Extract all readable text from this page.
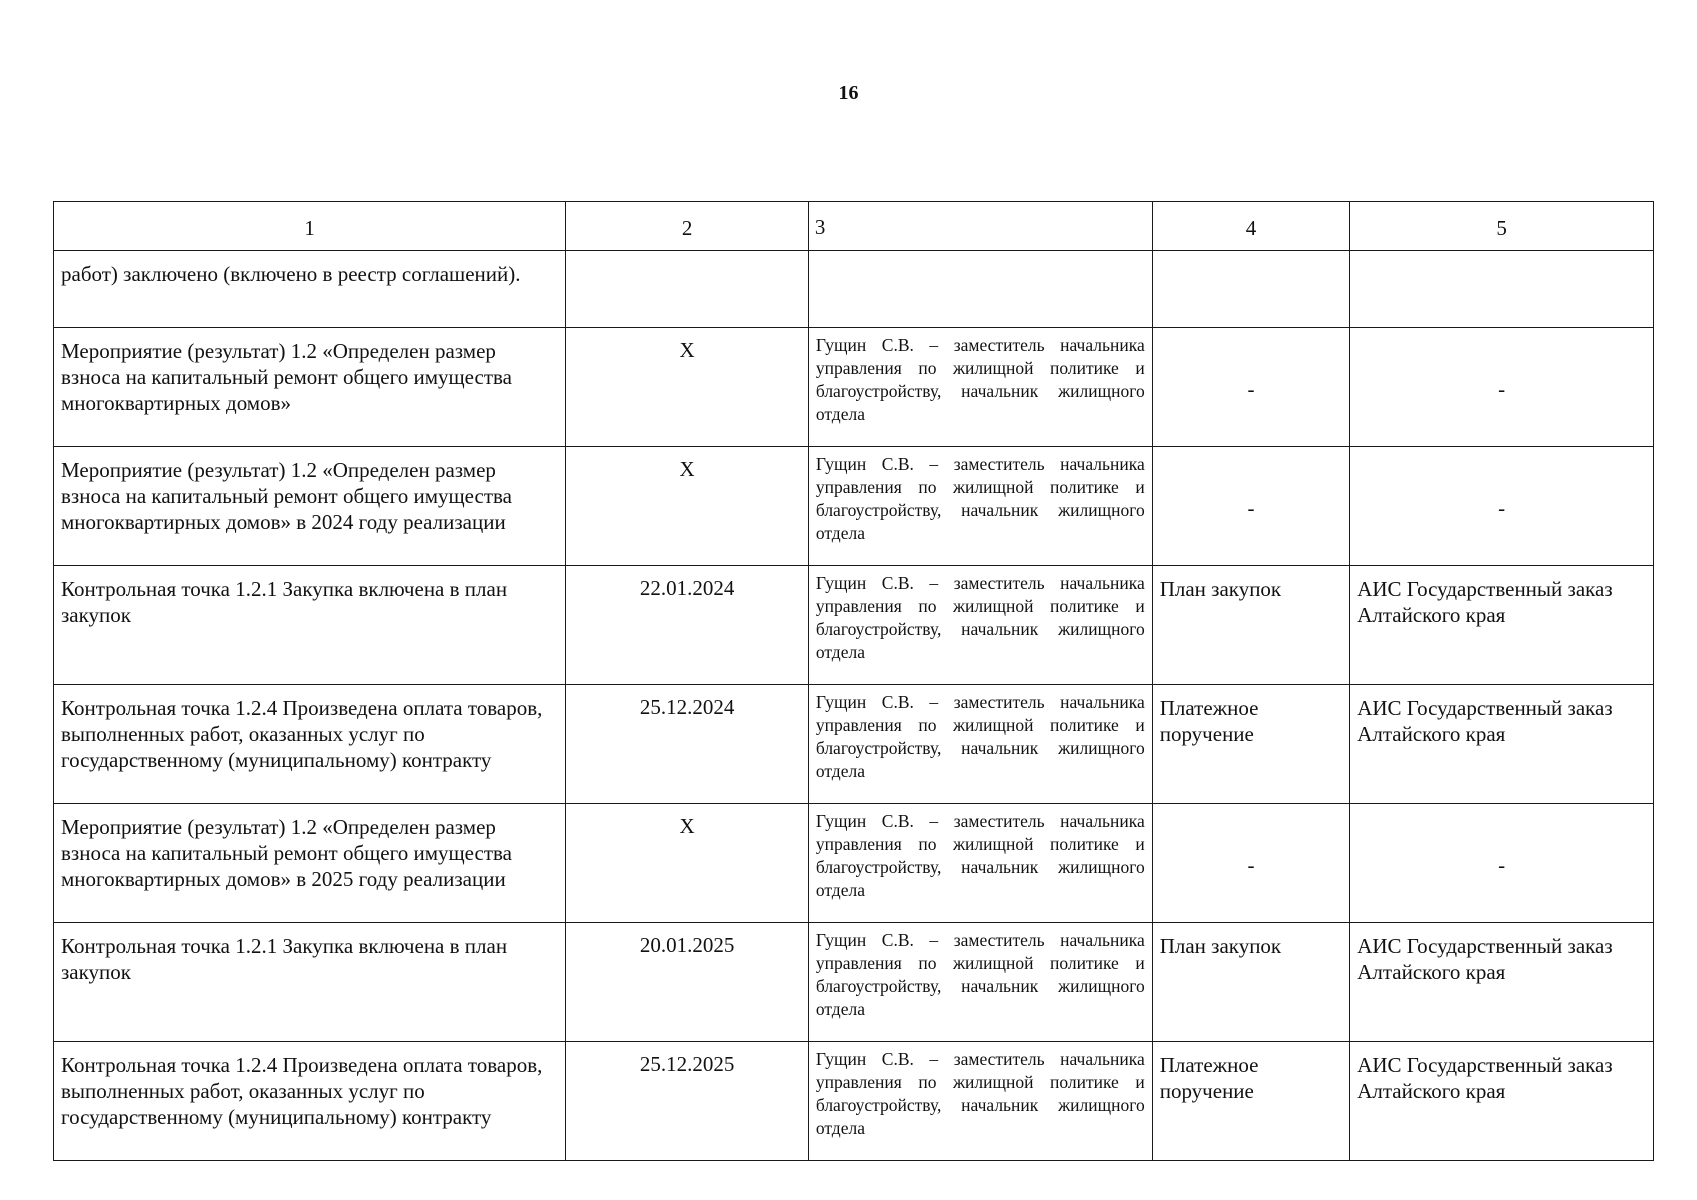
16
1	2	3	4	5
работ) заключено (включено в реестр соглашений).				
Мероприятие (результат) 1.2 «Определен размер взноса на капитальный ремонт общего имущества многоквартирных домов»	X	Гущин С.В. – заместитель начальника управления по жилищной политике и благоустройству, начальник жилищного отдела	-	-
Мероприятие (результат) 1.2 «Определен размер взноса на капитальный ремонт общего имущества многоквартирных домов» в 2024 году реализации	X	Гущин С.В. – заместитель начальника управления по жилищной политике и благоустройству, начальник жилищного отдела	-	-
Контрольная точка 1.2.1 Закупка включена в план закупок	22.01.2024	Гущин С.В. – заместитель начальника управления по жилищной политике и благоустройству, начальник жилищного отдела	План закупок	АИС Государственный заказ Алтайского края
Контрольная точка 1.2.4 Произведена оплата товаров, выполненных работ, оказанных услуг по государственному (муниципальному) контракту	25.12.2024	Гущин С.В. – заместитель начальника управления по жилищной политике и благоустройству, начальник жилищного отдела	Платежное поручение	АИС Государственный заказ Алтайского края
Мероприятие (результат) 1.2 «Определен размер взноса на капитальный ремонт общего имущества многоквартирных домов» в 2025 году реализации	X	Гущин С.В. – заместитель начальника управления по жилищной политике и благоустройству, начальник жилищного отдела	-	-
Контрольная точка 1.2.1 Закупка включена в план закупок	20.01.2025	Гущин С.В. – заместитель начальника управления по жилищной политике и благоустройству, начальник жилищного отдела	План закупок	АИС Государственный заказ Алтайского края
Контрольная точка 1.2.4 Произведена оплата товаров, выполненных работ, оказанных услуг по государственному (муниципальному) контракту	25.12.2025	Гущин С.В. – заместитель начальника управления по жилищной политике и благоустройству, начальник жилищного отдела	Платежное поручение	АИС Государственный заказ Алтайского края
